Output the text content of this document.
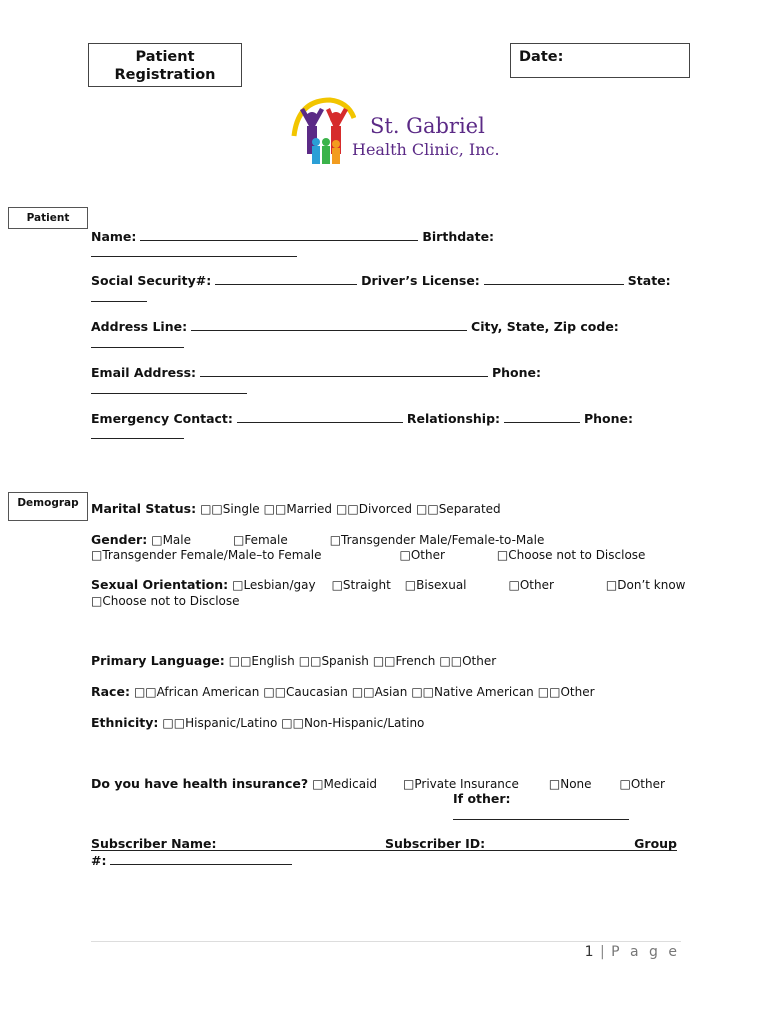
Patient
Registration
Date:
St. Gabriel
Health Clinic, Inc.
Patient
Demograp
Name:	Birthdate:
Social Security#:	Driver’s License:	State:
Address Line:	City, State, Zip code:
Email Address:	Phone:
Emergency Contact:	Relationship:	Phone:
Marital Status: □□Single □□Married □□Divorced □□Separated
Gender: □Male	□Female	□Transgender Male/Female-to-Male
□Transgender Female/Male–to Female	□Other	□Choose not to Disclose
Sexual Orientation: □Lesbian/gay □Straight □Bisexual	□Other	□Don’t know
□Choose not to Disclose
Primary Language: □□English □□Spanish □□French □□Other
Race: □□African American □□Caucasian □□Asian □□Native American □□Other
Ethnicity: □□Hispanic/Latino □□Non-Hispanic/Latino
Do you have health insurance? □Medicaid □Private Insurance □None □Other
If other:
Subscriber Name:	Subscriber ID:	Group
#:
1 | P a g e
